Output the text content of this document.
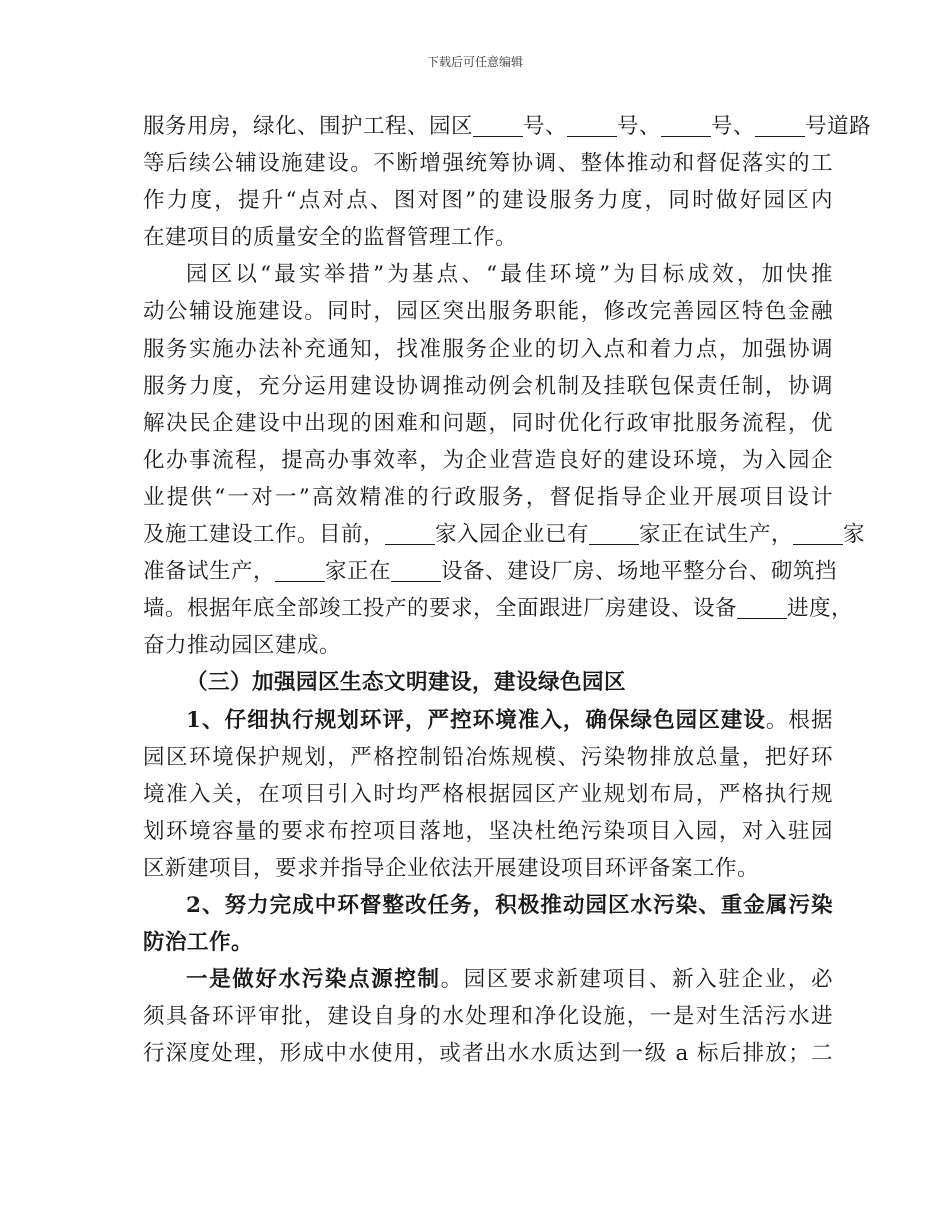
下载后可任意编辑
服务用房，绿化、围护工程、园区 号、 号、 号、 号道路
等后续公辅设施建设。不断增强统筹协调、整体推动和督促落实的工
作力度，提升“点对点、图对图”的建设服务力度，同时做好园区内
在建项目的质量安全的监督管理工作。
园区以“最实举措”为基点、“最佳环境”为目标成效，加快推
动公辅设施建设。同时，园区突出服务职能，修改完善园区特色金融
服务实施办法补充通知，找准服务企业的切入点和着力点，加强协调
服务力度，充分运用建设协调推动例会机制及挂联包保责任制，协调
解决民企建设中出现的困难和问题，同时优化行政审批服务流程，优
化办事流程，提高办事效率，为企业营造良好的建设环境，为入园企
业提供“一对一”高效精准的行政服务，督促指导企业开展项目设计
及施工建设工作。目前， 家入园企业已有 家正在试生产， 家
准备试生产， 家正在 设备、建设厂房、场地平整分台、砌筑挡
墙。根据年底全部竣工投产的要求，全面跟进厂房建设、设备 进度，
奋力推动园区建成。
（三）加强园区生态文明建设，建设绿色园区
1、仔细执行规划环评，严控环境准入，确保绿色园区建设。根据
园区环境保护规划，严格控制铅冶炼规模、污染物排放总量，把好环
境准入关，在项目引入时均严格根据园区产业规划布局，严格执行规
划环境容量的要求布控项目落地，坚决杜绝污染项目入园，对入驻园
区新建项目，要求并指导企业依法开展建设项目环评备案工作。
2、努力完成中环督整改任务，积极推动园区水污染、重金属污染
防治工作。
一是做好水污染点源控制。园区要求新建项目、新入驻企业，必
须具备环评审批，建设自身的水处理和净化设施，一是对生活污水进
行深度处理，形成中水使用，或者出水水质达到一级 a 标后排放；二
